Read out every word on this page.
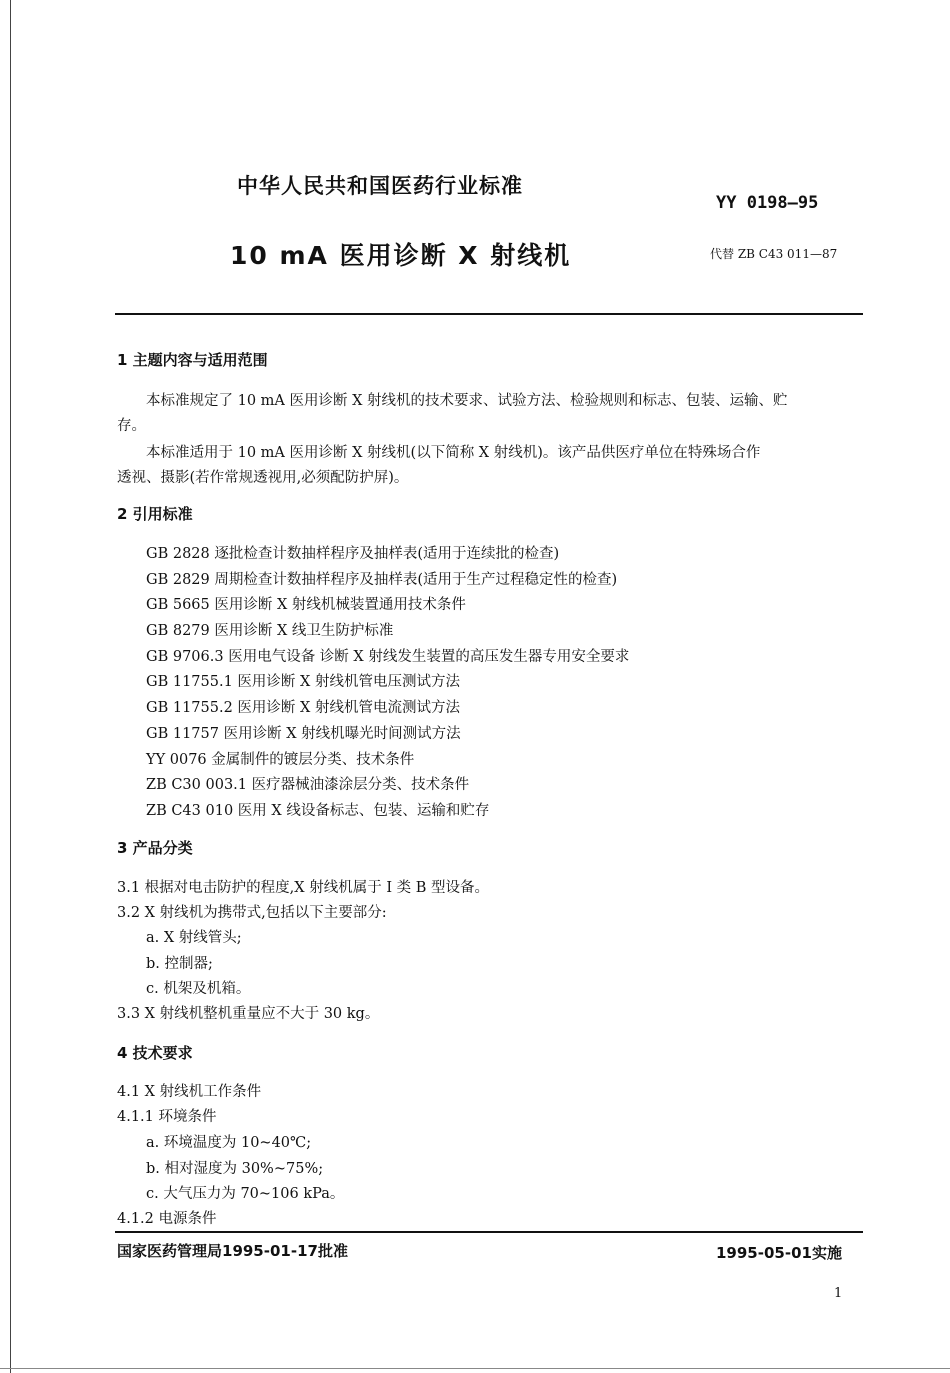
中华人民共和国医药行业标准
YY 0198—95
10 mA 医用诊断 X 射线机	代替 ZB C43 011—87
1 主题内容与适用范围
本标准规定了 10 mA 医用诊断 X 射线机的技术要求、试验方法、检验规则和标志、包装、运输、贮
存。
本标准适用于 10 mA 医用诊断 X 射线机(以下简称 X 射线机)。该产品供医疗单位在特殊场合作
透视、摄影(若作常规透视用,必须配防护屏)。
2 引用标准
GB 2828 逐批检查计数抽样程序及抽样表(适用于连续批的检查)
GB 2829 周期检查计数抽样程序及抽样表(适用于生产过程稳定性的检查)
GB 5665 医用诊断 X 射线机械装置通用技术条件
GB 8279 医用诊断 X 线卫生防护标准
GB 9706.3 医用电气设备 诊断 X 射线发生装置的高压发生器专用安全要求
GB 11755.1 医用诊断 X 射线机管电压测试方法
GB 11755.2 医用诊断 X 射线机管电流测试方法
GB 11757 医用诊断 X 射线机曝光时间测试方法
YY 0076 金属制件的镀层分类、技术条件
ZB C30 003.1 医疗器械油漆涂层分类、技术条件
ZB C43 010 医用 X 线设备标志、包装、运输和贮存
3 产品分类
3.1 根据对电击防护的程度,X 射线机属于 I 类 B 型设备。
3.2 X 射线机为携带式,包括以下主要部分:
a. X 射线管头;
b. 控制器;
c. 机架及机箱。
3.3 X 射线机整机重量应不大于 30 kg。
4 技术要求
4.1 X 射线机工作条件
4.1.1 环境条件
a. 环境温度为 10~40℃;
b. 相对湿度为 30%~75%;
c. 大气压力为 70~106 kPa。
4.1.2 电源条件
国家医药管理局1995-01-17批准	1995-05-01实施
1
